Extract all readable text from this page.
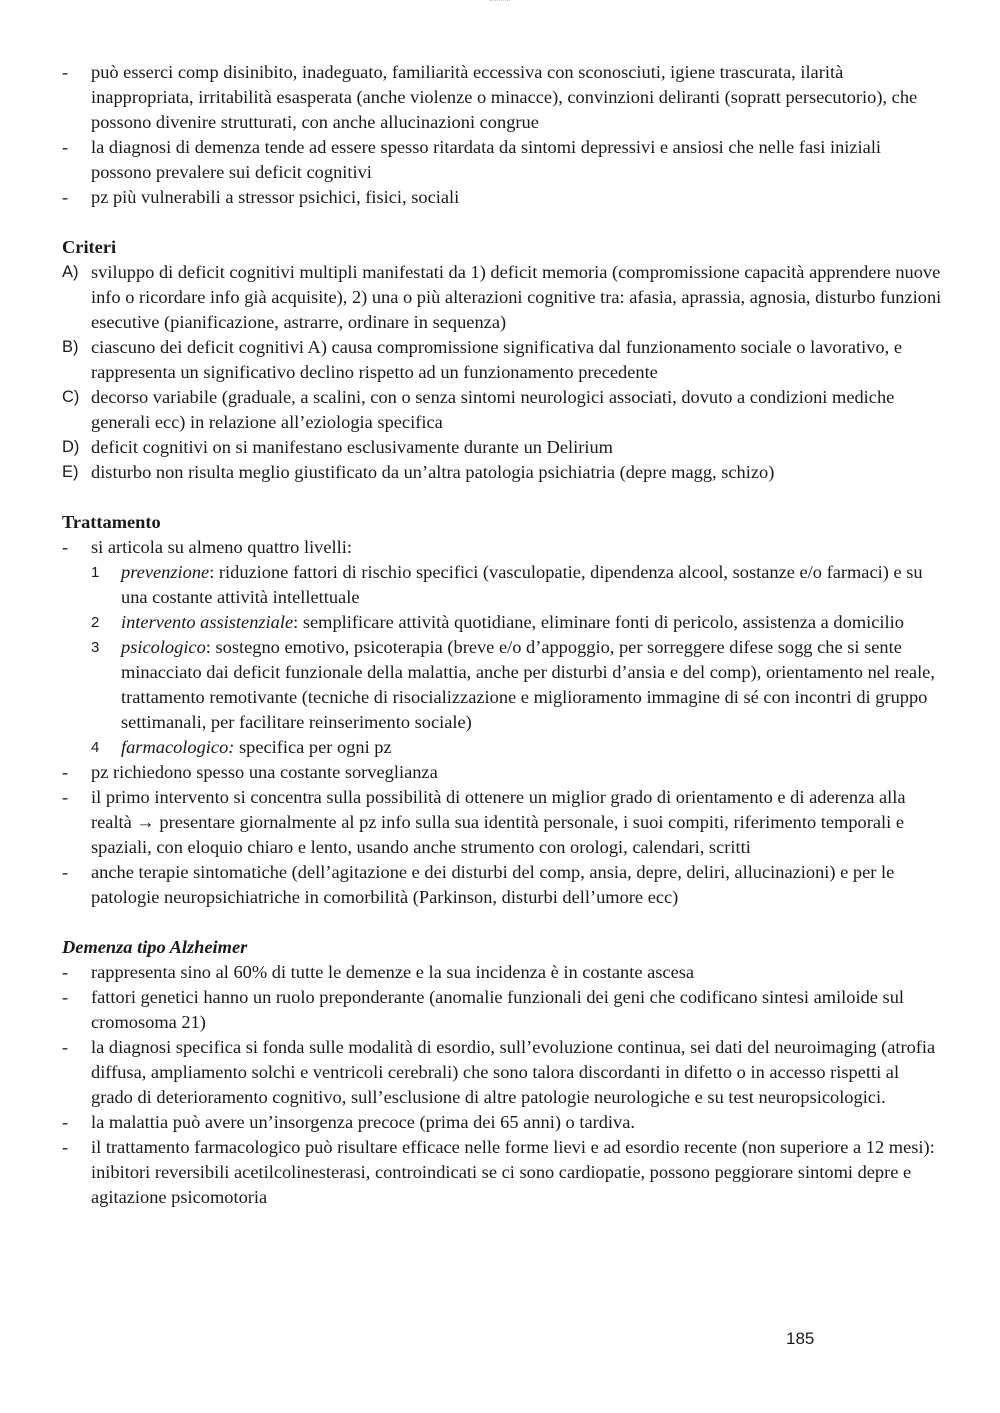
-	può esserci comp disinibito, inadeguato, familiarità eccessiva con sconosciuti, igiene trascurata, ilarità inappropriata, irritabilità esasperata (anche violenze o minacce), convinzioni deliranti (sopratt persecutorio), che possono divenire strutturati, con anche allucinazioni congrue
-	la diagnosi di demenza tende ad essere spesso ritardata da sintomi depressivi e ansiosi che nelle fasi iniziali possono prevalere sui deficit cognitivi
-	pz più vulnerabili a stressor psichici, fisici, sociali
Criteri
A) sviluppo di deficit cognitivi multipli manifestati da 1) deficit memoria (compromissione capacità apprendere nuove info o ricordare info già acquisite), 2) una o più alterazioni cognitive tra: afasia, aprassia, agnosia, disturbo funzioni esecutive (pianificazione, astrarre, ordinare in sequenza)
B) ciascuno dei deficit cognitivi A) causa compromissione significativa dal funzionamento sociale o lavorativo, e rappresenta un significativo declino rispetto ad un funzionamento precedente
C) decorso variabile (graduale, a scalini, con o senza sintomi neurologici associati, dovuto a condizioni mediche generali ecc) in relazione all’eziologia specifica
D) deficit cognitivi on si manifestano esclusivamente durante un Delirium
E) disturbo non risulta meglio giustificato da un’altra patologia psichiatria (depre magg, schizo)
Trattamento
-	si articola su almeno quattro livelli:
1	prevenzione: riduzione fattori di rischio specifici (vasculopatie, dipendenza alcool, sostanze e/o farmaci) e su una costante attività intellettuale
2	intervento assistenziale: semplificare attività quotidiane, eliminare fonti di pericolo, assistenza a domicilio
3	psicologico: sostegno emotivo, psicoterapia (breve e/o d’appoggio, per sorreggere difese sogg che si sente minacciato dai deficit funzionale della malattia, anche per disturbi d’ansia e del comp), orientamento nel reale, trattamento remotivante (tecniche di risocializzazione e miglioramento immagine di sé con incontri di gruppo settimanali, per facilitare reinserimento sociale)
4	farmacologico: specifica per ogni pz
-	pz richiedono spesso una costante sorveglianza
-	il primo intervento si concentra sulla possibilità di ottenere un miglior grado di orientamento e di aderenza alla realtà → presentare giornalmente al pz info sulla sua identità personale, i suoi compiti, riferimento temporali e spaziali, con eloquio chiaro e lento, usando anche strumento con orologi, calendari, scritti
-	anche terapie sintomatiche (dell’agitazione e dei disturbi del comp, ansia, depre, deliri, allucinazioni) e per le patologie neuropsichiatriche in comorbilità (Parkinson, disturbi dell’umore ecc)
Demenza tipo Alzheimer
-	rappresenta sino al 60% di tutte le demenze e la sua incidenza è in costante ascesa
-	fattori genetici hanno un ruolo preponderante (anomalie funzionali dei geni che codificano sintesi amiloide sul cromosoma 21)
-	la diagnosi specifica si fonda sulle modalità di esordio, sull’evoluzione continua, sei dati del neuroimaging (atrofia diffusa, ampliamento solchi e ventricoli cerebrali) che sono talora discordanti in difetto o in accesso rispetti al grado di deterioramento cognitivo, sull’esclusione di altre patologie neurologiche e su test neuropsicologici.
-	la malattia può avere un’insorgenza precoce (prima dei 65 anni) o tardiva.
-	il trattamento farmacologico può risultare efficace nelle forme lievi e ad esordio recente (non superiore a 12 mesi): inibitori reversibili acetilcolinesterasi, controindicati se ci sono cardiopatie, possono peggiorare sintomi depre e agitazione psicomotoria
185
